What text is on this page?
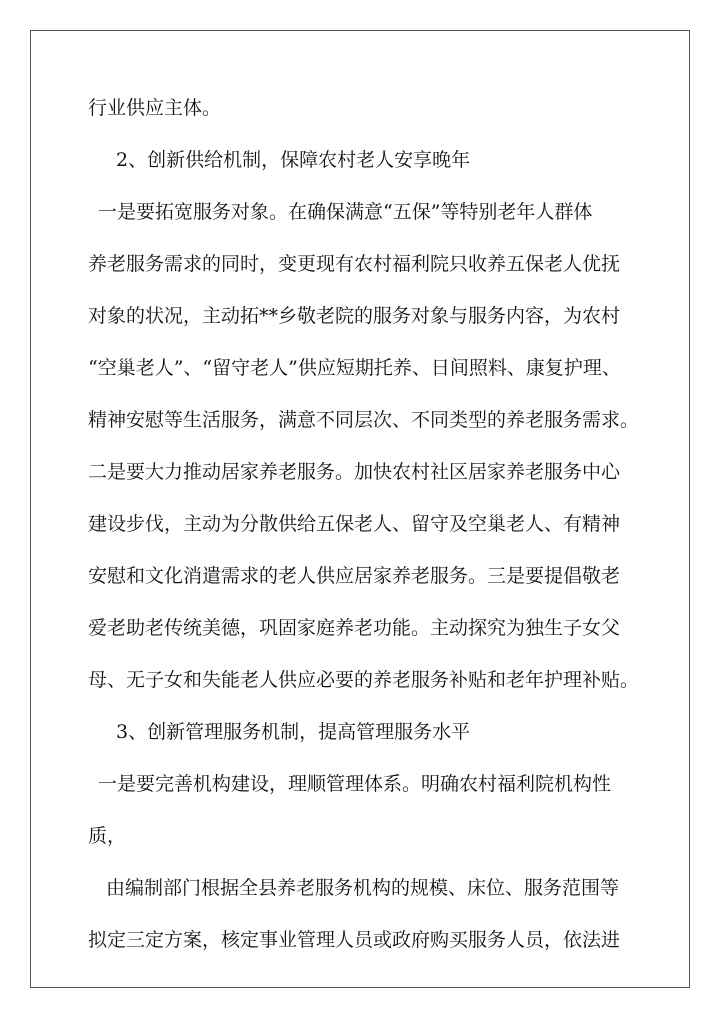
行业供应主体。
2、创新供给机制，保障农村老人安享晚年
一是要拓宽服务对象。在确保满意“五保”等特别老年人群体
养老服务需求的同时，变更现有农村福利院只收养五保老人优抚
对象的状况，主动拓**乡敬老院的服务对象与服务内容，为农村
“空巢老人”、“留守老人”供应短期托养、日间照料、康复护理、
精神安慰等生活服务，满意不同层次、不同类型的养老服务需求。
二是要大力推动居家养老服务。加快农村社区居家养老服务中心
建设步伐，主动为分散供给五保老人、留守及空巢老人、有精神
安慰和文化消遣需求的老人供应居家养老服务。三是要提倡敬老
爱老助老传统美德，巩固家庭养老功能。主动探究为独生子女父
母、无子女和失能老人供应必要的养老服务补贴和老年护理补贴。
3、创新管理服务机制，提高管理服务水平
一是要完善机构建设，理顺管理体系。明确农村福利院机构性
质，
由编制部门根据全县养老服务机构的规模、床位、服务范围等
拟定三定方案，核定事业管理人员或政府购买服务人员，依法进
